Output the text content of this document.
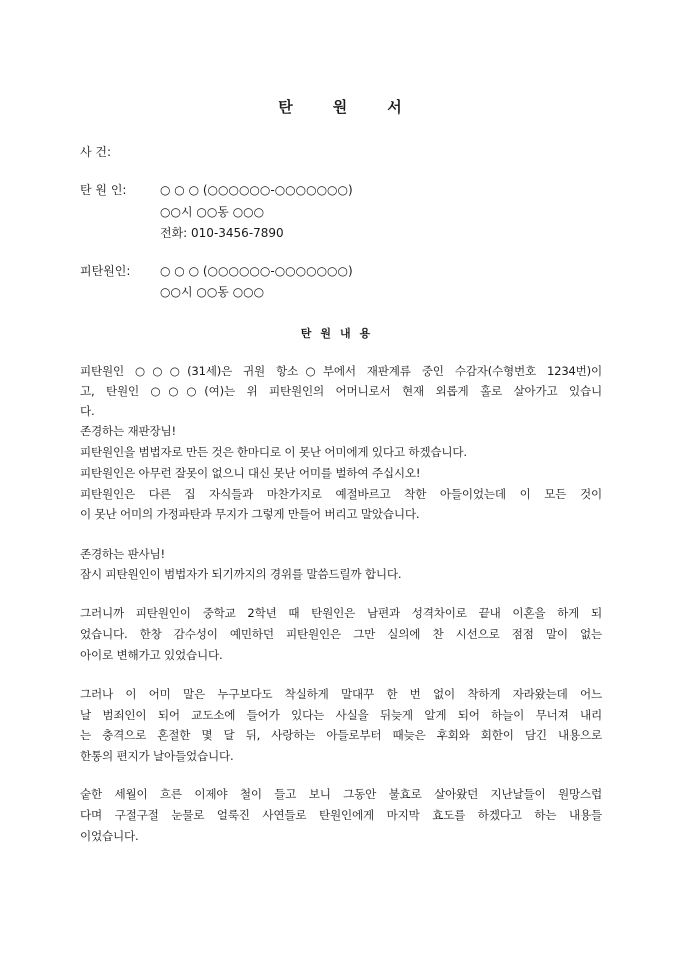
탄	원	서
사 건:
탄 원 인:	○ ○ ○ (○○○○○○-○○○○○○○)
○○시 ○○동 ○○○
전화: 010-3456-7890
피탄원인: ○ ○ ○ (○○○○○○-○○○○○○○)
○○시 ○○동 ○○○
탄원내용
피탄원인 ○○○(31세)은 귀원 항소○부에서 재판계류 중인 수감자(수형번호 1234번)이
고, 탄원인 ○○○(여)는 위 피탄원인의 어머니로서 현재 외롭게 홀로 살아가고 있습니
다.
존경하는 재판장님!
피탄원인을 범법자로 만든 것은 한마디로 이 못난 어미에게 있다고 하겠습니다.
피탄원인은 아무런 잘못이 없으니 대신 못난 어미를 벌하여 주십시오!
피탄원인은 다른 집 자식들과 마찬가지로 예절바르고 착한 아들이었는데 이 모든 것이
이 못난 어미의 가정파탄과 무지가 그렇게 만들어 버리고 말았습니다.
존경하는 판사님!
잠시 피탄원인이 범법자가 되기까지의 경위를 말씀드릴까 합니다.
그러니까 피탄원인이 중학교 2학년 때 탄원인은 남편과 성격차이로 끝내 이혼을 하게 되
었습니다. 한창 감수성이 예민하던 피탄원인은 그만 실의에 찬 시선으로 점점 말이 없는
아이로 변해가고 있었습니다.
그러나 이 어미 말은 누구보다도 착실하게 말대꾸 한 번 없이 착하게 자라왔는데 어느
날 범죄인이 되어 교도소에 들어가 있다는 사실을 뒤늦게 알게 되어 하늘이 무너져 내리
는 충격으로 혼절한 몇 달 뒤, 사랑하는 아들로부터 때늦은 후회와 회한이 담긴 내용으로
한통의 편지가 날아들었습니다.
숱한 세월이 흐른 이제야 철이 들고 보니 그동안 불효로 살아왔던 지난날들이 원망스럽
다며 구절구절 눈물로 얼룩진 사연들로 탄원인에게 마지막 효도를 하겠다고 하는 내용들
이었습니다.
